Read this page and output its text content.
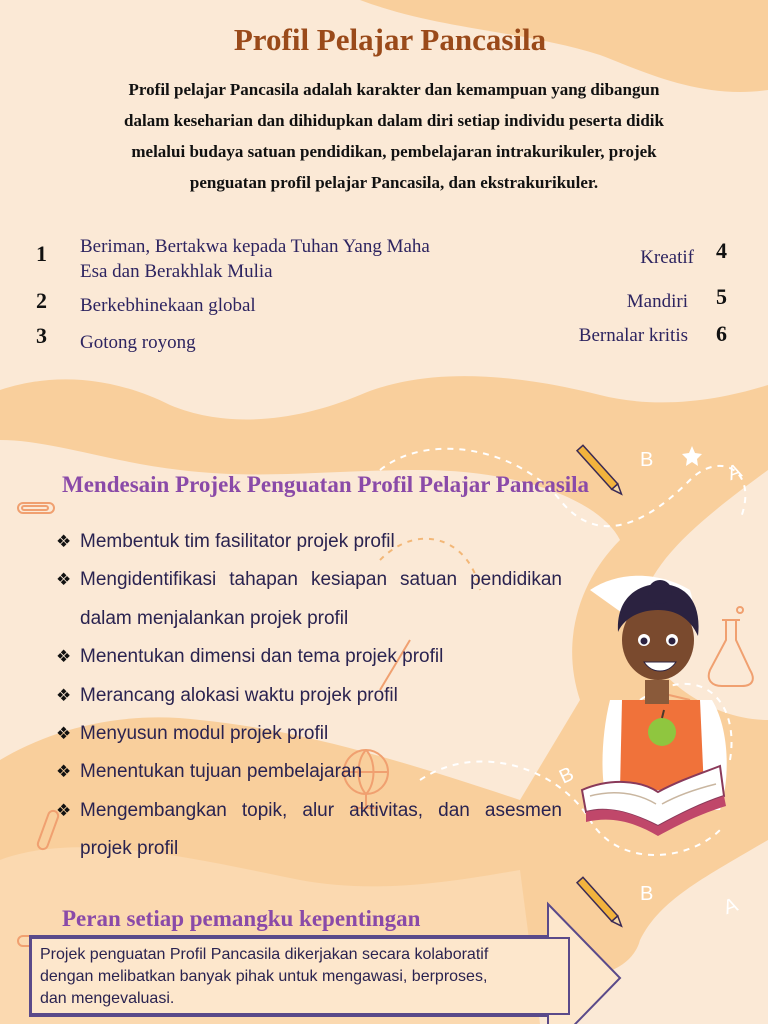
B	A
B
B	A
Profil Pelajar Pancasila
Profil pelajar Pancasila adalah karakter dan kemampuan yang dibangun
dalam keseharian dan dihidupkan dalam diri setiap individu peserta didik
melalui budaya satuan pendidikan, pembelajaran intrakurikuler, projek
penguatan profil pelajar Pancasila, dan ekstrakurikuler.
1 Beriman, Bertakwa kepada Tuhan Yang Maha
Esa dan Berakhlak Mulia
2 Berkebhinekaan global
3 Gotong royong
Kreatif 4
Mandiri 5
Bernalar kritis 6
Mendesain Projek Penguatan Profil Pelajar Pancasila
❖ Membentuk tim fasilitator projek profil
❖ Mengidentifikasi tahapan kesiapan satuan pendidikan dalam menjalankan projek profil
❖ Menentukan dimensi dan tema projek profil
❖ Merancang alokasi waktu projek profil
❖ Menyusun modul projek profil
❖ Menentukan tujuan pembelajaran
❖ Mengembangkan topik, alur aktivitas, dan asesmen projek profil
Peran setiap pemangku kepentingan
Projek penguatan Profil Pancasila dikerjakan secara kolaboratif
dengan melibatkan banyak pihak untuk mengawasi, berproses,
dan mengevaluasi.
